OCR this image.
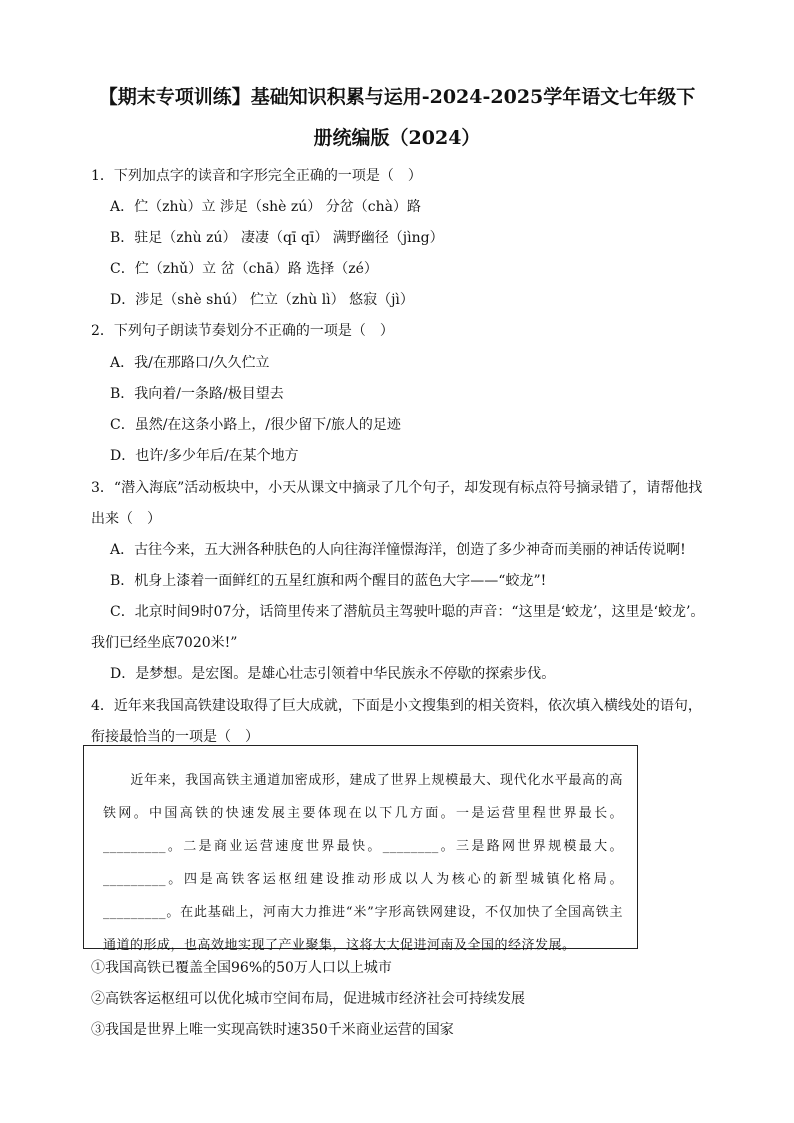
【期末专项训练】基础知识积累与运用-2024-2025学年语文七年级下
册统编版（2024）
1．下列加点字的读音和字形完全正确的一项是（　）
A．伫（zhù）立 涉足（shè zú） 分岔（chà）路
B．驻足（zhù zú） 凄凄（qī qī） 满野幽径（jìng）
C．伫（zhǔ）立 岔（chā）路 选择（zé）
D．涉足（shè shú） 伫立（zhù lì） 悠寂（jì）
2．下列句子朗读节奏划分不正确的一项是（　）
A．我/在那路口/久久伫立
B．我向着/一条路/极目望去
C．虽然/在这条小路上，/很少留下/旅人的足迹
D．也许/多少年后/在某个地方
3．“潜入海底”活动板块中，小天从课文中摘录了几个句子，却发现有标点符号摘录错了，请帮他找
出来（　）
A．古往今来，五大洲各种肤色的人向往海洋憧憬海洋，创造了多少神奇而美丽的神话传说啊!
B．机身上漆着一面鲜红的五星红旗和两个醒目的蓝色大字——“蛟龙”!
C．北京时间9时07分，话筒里传来了潜航员主驾驶叶聪的声音：“这里是‘蛟龙’，这里是‘蛟龙’。
我们已经坐底7020米!”
D．是梦想。是宏图。是雄心壮志引领着中华民族永不停歇的探索步伐。
4．近年来我国高铁建设取得了巨大成就，下面是小文搜集到的相关资料，依次填入横线处的语句，
衔接最恰当的一项是（　）
　　近年来，我国高铁主通道加密成形，建成了世界上规模最大、现代化水平最高的高铁网。中国高铁的快速发展主要体现在以下几方面。一是运营里程世界最长。_________。二是商业运营速度世界最快。________。三是路网世界规模最大。_________。四是高铁客运枢纽建设推动形成以人为核心的新型城镇化格局。_________。在此基础上，河南大力推进“米”字形高铁网建设，不仅加快了全国高铁主通道的形成，也高效地实现了产业聚集，这将大大促进河南及全国的经济发展。
①我国高铁已覆盖全国96%的50万人口以上城市
②高铁客运枢纽可以优化城市空间布局，促进城市经济社会可持续发展
③我国是世界上唯一实现高铁时速350千米商业运营的国家
